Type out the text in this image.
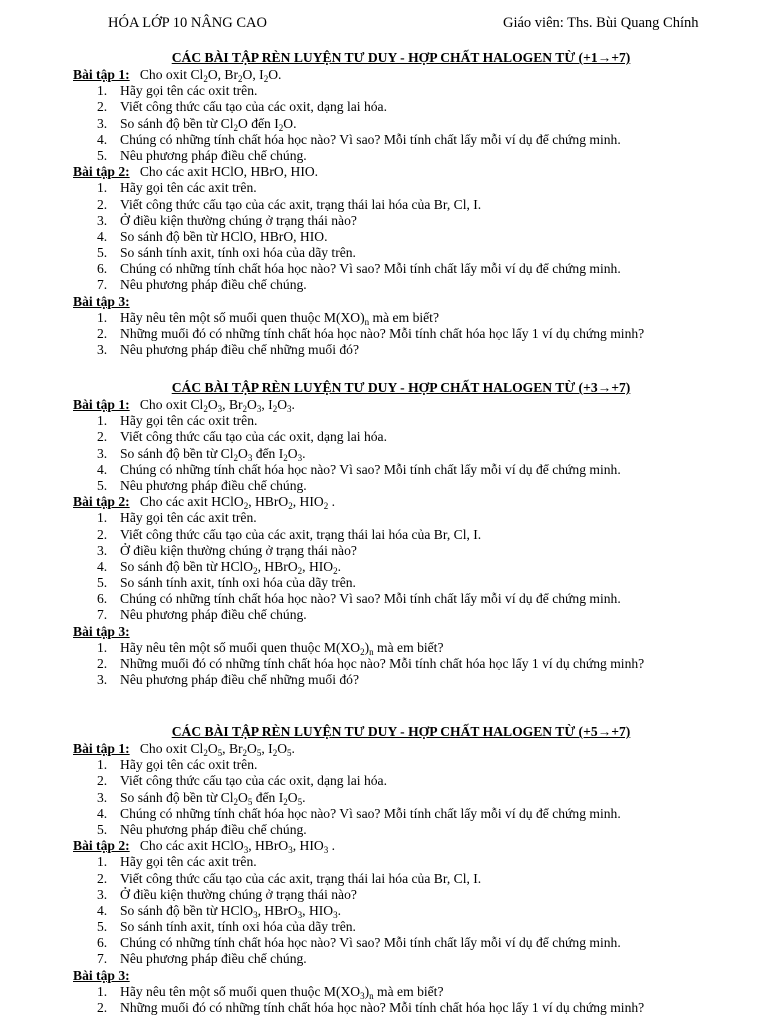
HÓA LỚP 10 NÂNG CAO	Giáo viên: Ths. Bùi Quang Chính
CÁC BÀI TẬP RÈN LUYỆN TƯ DUY - HỢP CHẤT HALOGEN TỪ (+1→+7)
Bài tập 1: Cho oxit $Cl_2O$, $Br_2O$, $I_2O$.
1. Hãy gọi tên các oxit trên.
2. Viết công thức cấu tạo của các oxit, dạng lai hóa.
3. So sánh độ bền từ $Cl_2O$ đến $I_2O$.
4. Chúng có những tính chất hóa học nào? Vì sao? Mỗi tính chất lấy mỗi ví dụ để chứng minh.
5. Nêu phương pháp điều chế chúng.
Bài tập 2: Cho các axit HClO, HBrO, HIO.
1. Hãy gọi tên các axit trên.
2. Viết công thức cấu tạo của các axit, trạng thái lai hóa của Br, Cl, I.
3. Ở điều kiện thường chúng ở trạng thái nào?
4. So sánh độ bền từ HClO, HBrO, HIO.
5. So sánh tính axit, tính oxi hóa của dãy trên.
6. Chúng có những tính chất hóa học nào? Vì sao? Mỗi tính chất lấy mỗi ví dụ để chứng minh.
7. Nêu phương pháp điều chế chúng.
Bài tập 3:
1. Hãy nêu tên một số muối quen thuộc $M(XO)_n$ mà em biết?
2. Những muối đó có những tính chất hóa học nào? Mỗi tính chất hóa học lấy 1 ví dụ chứng minh?
3. Nêu phương pháp điều chế những muối đó?
CÁC BÀI TẬP RÈN LUYỆN TƯ DUY - HỢP CHẤT HALOGEN TỪ (+3→+7)
Bài tập 1: Cho oxit $Cl_2O_3$, $Br_2O_3$, $I_2O_3$.
1. Hãy gọi tên các oxit trên.
2. Viết công thức cấu tạo của các oxit, dạng lai hóa.
3. So sánh độ bền từ $Cl_2O_3$ đến $I_2O_3$.
4. Chúng có những tính chất hóa học nào? Vì sao? Mỗi tính chất lấy mỗi ví dụ để chứng minh.
5. Nêu phương pháp điều chế chúng.
Bài tập 2: Cho các axit HClO$_2$, HBrO$_2$, $HIO_2$ .
1. Hãy gọi tên các axit trên.
2. Viết công thức cấu tạo của các axit, trạng thái lai hóa của Br, Cl, I.
3. Ở điều kiện thường chúng ở trạng thái nào?
4. So sánh độ bền từ HClO$_2$, HBrO$_2$, $HIO_2$.
5. So sánh tính axit, tính oxi hóa của dãy trên.
6. Chúng có những tính chất hóa học nào? Vì sao? Mỗi tính chất lấy mỗi ví dụ để chứng minh.
7. Nêu phương pháp điều chế chúng.
Bài tập 3:
1. Hãy nêu tên một số muối quen thuộc $M(XO_2)_n$ mà em biết?
2. Những muối đó có những tính chất hóa học nào? Mỗi tính chất hóa học lấy 1 ví dụ chứng minh?
3. Nêu phương pháp điều chế những muối đó?
CÁC BÀI TẬP RÈN LUYỆN TƯ DUY - HỢP CHẤT HALOGEN TỪ (+5→+7)
Bài tập 1: Cho oxit $Cl_2O_5$, $Br_2O_5$, $I_2O_5$.
1. Hãy gọi tên các oxit trên.
2. Viết công thức cấu tạo của các oxit, dạng lai hóa.
3. So sánh độ bền từ $Cl_2O_5$ đến $I_2O_5$.
4. Chúng có những tính chất hóa học nào? Vì sao? Mỗi tính chất lấy mỗi ví dụ để chứng minh.
5. Nêu phương pháp điều chế chúng.
Bài tập 2: Cho các axit HClO$_3$, HBrO$_3$, $HIO_3$ .
1. Hãy gọi tên các axit trên.
2. Viết công thức cấu tạo của các axit, trạng thái lai hóa của Br, Cl, I.
3. Ở điều kiện thường chúng ở trạng thái nào?
4. So sánh độ bền từ HClO$_3$, HBrO$_3$, $HIO_3$.
5. So sánh tính axit, tính oxi hóa của dãy trên.
6. Chúng có những tính chất hóa học nào? Vì sao? Mỗi tính chất lấy mỗi ví dụ để chứng minh.
7. Nêu phương pháp điều chế chúng.
Bài tập 3:
1. Hãy nêu tên một số muối quen thuộc $M(XO_3)_n$ mà em biết?
2. Những muối đó có những tính chất hóa học nào? Mỗi tính chất hóa học lấy 1 ví dụ chứng minh?
